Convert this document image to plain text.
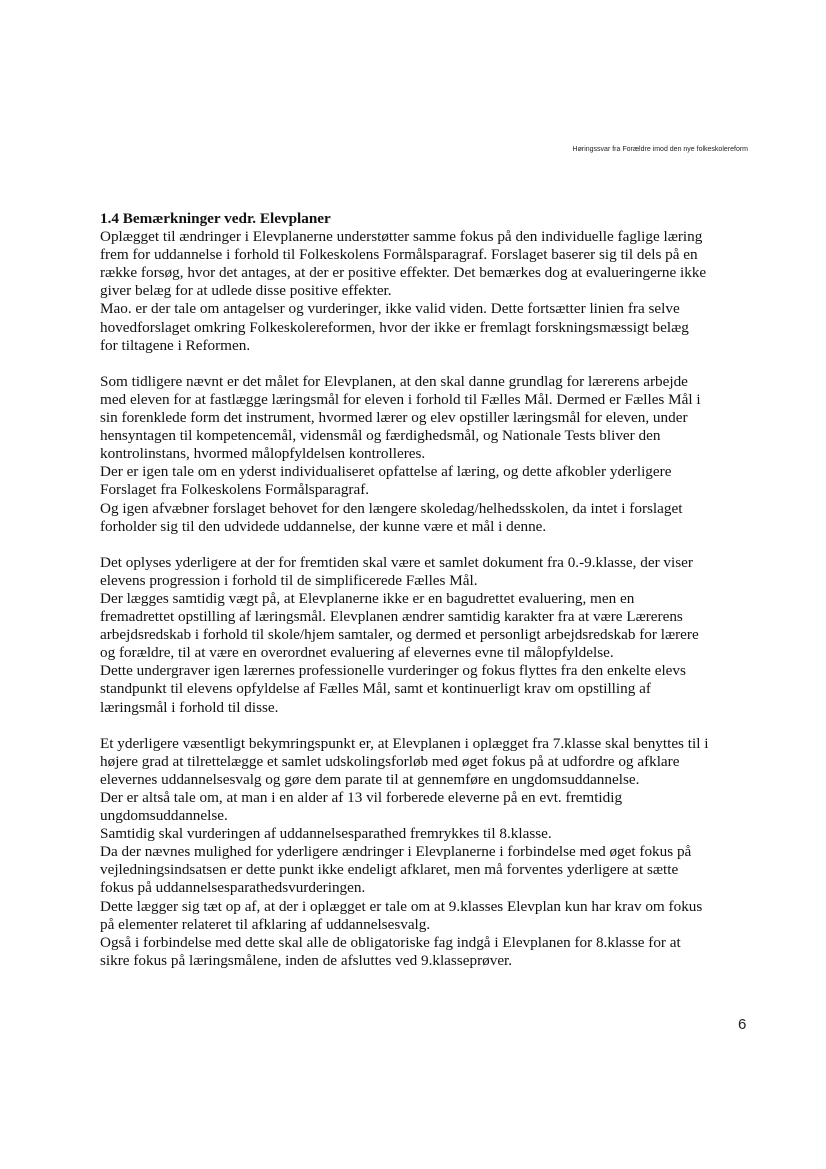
Høringssvar fra Forældre imod den nye folkeskolereform
1.4 Bemærkninger vedr. Elevplaner

Oplægget til ændringer i Elevplanerne understøtter samme fokus på den individuelle faglige læring
frem for uddannelse i forhold til Folkeskolens Formålsparagraf. Forslaget baserer sig til dels på en
række forsøg, hvor det antages, at der er positive effekter. Det bemærkes dog at evalueringerne ikke
giver belæg for at udlede disse positive effekter.
Mao. er der tale om antagelser og vurderinger, ikke valid viden. Dette fortsætter linien fra selve
hovedforslaget omkring Folkeskolereformen, hvor der ikke er fremlagt forskningsmæssigt belæg
for tiltagene i Reformen.

Som tidligere nævnt er det målet for Elevplanen, at den skal danne grundlag for lærerens arbejde
med eleven for at fastlægge læringsmål for eleven i forhold til Fælles Mål. Dermed er Fælles Mål i
sin forenklede form det instrument, hvormed lærer og elev opstiller læringsmål for eleven, under
hensyntagen til kompetencemål, vidensmål og færdighedsmål, og Nationale Tests bliver den
kontrolinstans, hvormed målopfyldelsen kontrolleres.
Der er igen tale om en yderst individualiseret opfattelse af læring, og dette afkobler yderligere
Forslaget fra Folkeskolens Formålsparagraf.
Og igen afvæbner forslaget behovet for den længere skoledag/helhedsskolen, da intet i forslaget
forholder sig til den udvidede uddannelse, der kunne være et mål i denne.

Det oplyses yderligere at der for fremtiden skal være et samlet dokument fra 0.-9.klasse, der viser
elevens progression i forhold til de simplificerede Fælles Mål.
Der lægges samtidig vægt på, at Elevplanerne ikke er en bagudrettet evaluering, men en
fremadrettet opstilling af læringsmål. Elevplanen ændrer samtidig karakter fra at være Lærerens
arbejdsredskab i forhold til skole/hjem samtaler, og dermed et personligt arbejdsredskab for lærere
og forældre, til at være en overordnet evaluering af elevernes evne til målopfyldelse.
Dette undergraver igen lærernes professionelle vurderinger og fokus flyttes fra den enkelte elevs
standpunkt til elevens opfyldelse af Fælles Mål, samt et kontinuerligt krav om opstilling af
læringsmål i forhold til disse.

Et yderligere væsentligt bekymringspunkt er, at Elevplanen i oplægget fra 7.klasse skal benyttes til i
højere grad at tilrettelægge et samlet udskolingsforløb med øget fokus på at udfordre og afklare
elevernes uddannelsesvalg og gøre dem parate til at gennemføre en ungdomsuddannelse.
Der er altså tale om, at man i en alder af 13 vil forberede eleverne på en evt. fremtidig
ungdomsuddannelse.
Samtidig skal vurderingen af uddannelsesparathed fremrykkes til 8.klasse.
Da der nævnes mulighed for yderligere ændringer i Elevplanerne i forbindelse med øget fokus på
vejledningsindsatsen er dette punkt ikke endeligt afklaret, men må forventes yderligere at sætte
fokus på uddannelsesparathedsvurderingen.
Dette lægger sig tæt op af, at der i oplægget er tale om at 9.klasses Elevplan kun har krav om fokus
på elementer relateret til afklaring af uddannelsesvalg.
Også i forbindelse med dette skal alle de obligatoriske fag indgå i Elevplanen for 8.klasse for at
sikre fokus på læringsmålene, inden de afsluttes ved 9.klasseprøver.

6
